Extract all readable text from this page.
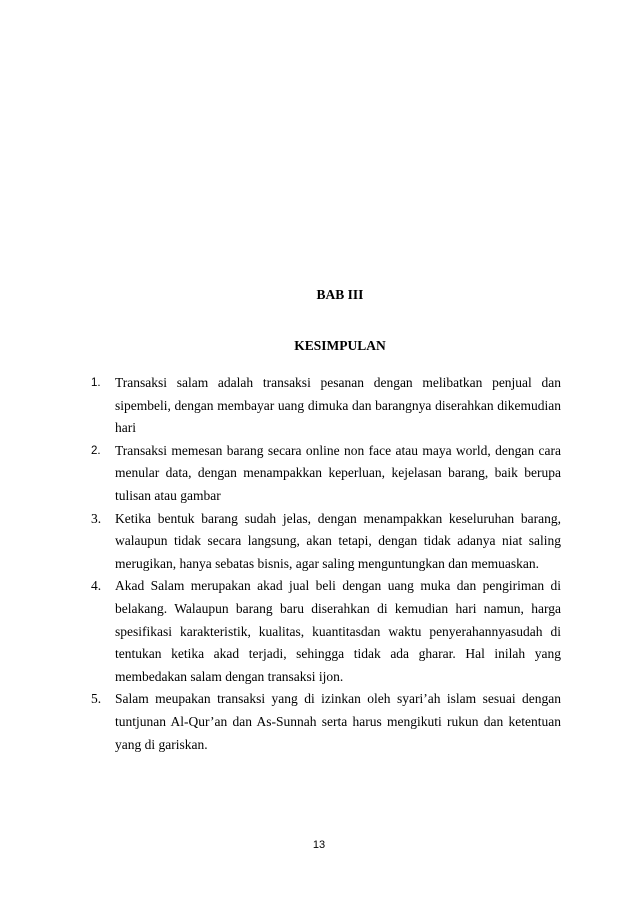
BAB III
KESIMPULAN
1. Transaksi salam adalah transaksi pesanan dengan melibatkan penjual dan sipembeli, dengan membayar uang dimuka dan barangnya diserahkan dikemudian hari
2. Transaksi memesan barang secara online non face atau maya world, dengan cara menular data, dengan menampakkan keperluan, kejelasan barang, baik berupa tulisan atau gambar
3. Ketika bentuk barang sudah jelas, dengan menampakkan keseluruhan barang, walaupun tidak secara langsung, akan tetapi, dengan tidak adanya niat saling merugikan, hanya sebatas bisnis, agar saling menguntungkan dan memuaskan.
4. Akad Salam merupakan akad jual beli dengan uang muka dan pengiriman di belakang. Walaupun barang baru diserahkan di kemudian hari namun, harga spesifikasi karakteristik, kualitas, kuantitasdan waktu penyerahannyasudah di tentukan ketika akad terjadi, sehingga tidak ada gharar. Hal inilah yang membedakan salam dengan transaksi ijon.
5. Salam meupakan transaksi yang di izinkan oleh syari’ah islam sesuai dengan tuntjunan Al-Qur’an dan As-Sunnah serta harus mengikuti rukun dan ketentuan yang di gariskan.
13
